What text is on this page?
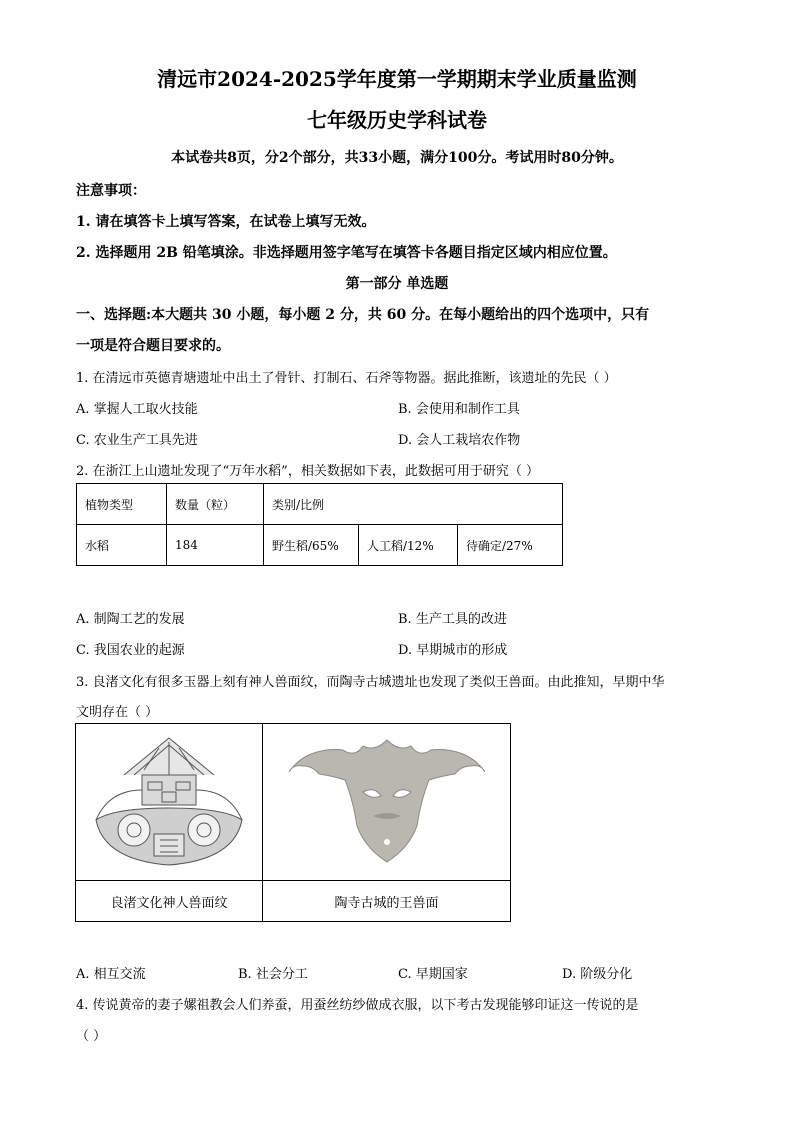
清远市2024-2025学年度第一学期期末学业质量监测
七年级历史学科试卷
本试卷共8页，分2个部分，共33小题，满分100分。考试用时80分钟。
注意事项：
1. 请在填答卡上填写答案，在试卷上填写无效。
2. 选择题用 2B 铅笔填涂。非选择题用签字笔写在填答卡各题目指定区域内相应位置。
第一部分 单选题
一、选择题:本大题共 30 小题，每小题 2 分，共 60 分。在每小题给出的四个选项中，只有
一项是符合题目要求的。
1. 在清远市英德青塘遗址中出土了骨针、打制石、石斧等物器。据此推断，该遗址的先民（ ）
A. 掌握人工取火技能	B. 会使用和制作工具
C. 农业生产工具先进	D. 会人工栽培农作物
2. 在浙江上山遗址发现了“万年水稻”，相关数据如下表，此数据可用于研究（ ）
植物类型	数量（粒）	类别/比例		
水稻	184	野生稻/65%	人工稻/12%	待确定/27%
A. 制陶工艺的发展	B. 生产工具的改进
C. 我国农业的起源	D. 早期城市的形成
3. 良渚文化有很多玉器上刻有神人兽面纹，而陶寺古城遗址也发现了类似王兽面。由此推知，早期中华
文明存在（ ）

良渚文化神人兽面纹	陶寺古城的王兽面
A. 相互交流	B. 社会分工	C. 早期国家	D. 阶级分化
4. 传说黄帝的妻子嫘祖教会人们养蚕，用蚕丝纺纱做成衣服，以下考古发现能够印证这一传说的是
（ ）
